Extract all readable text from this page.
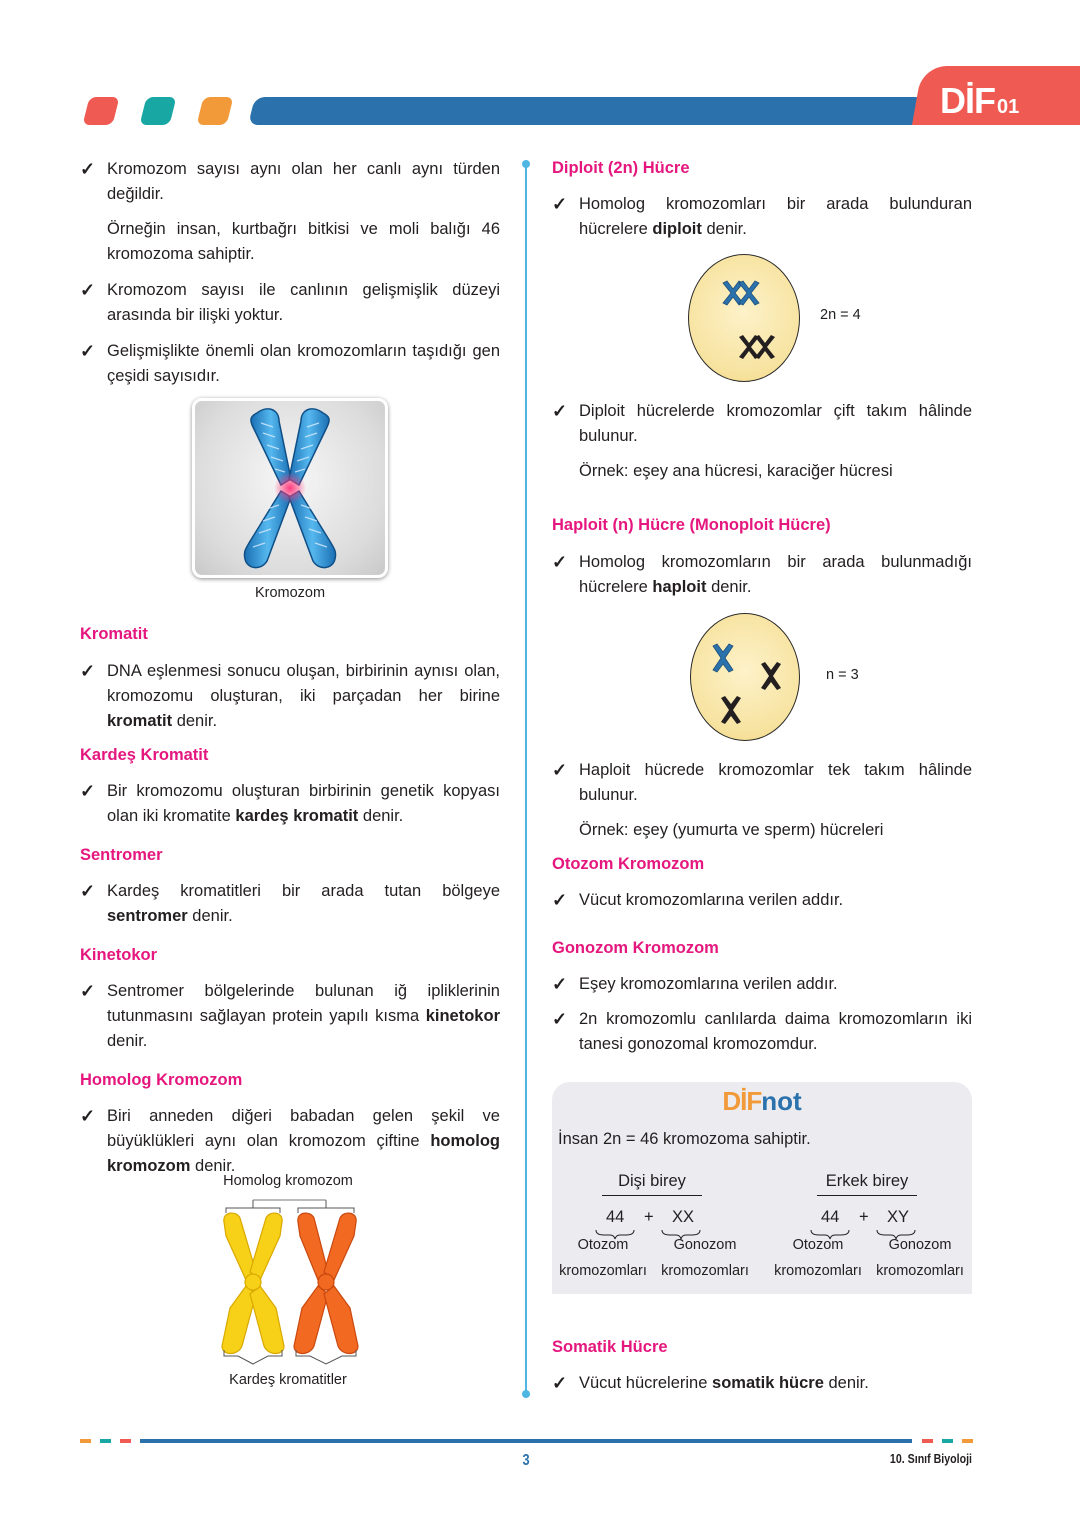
DİF 01
✓ Kromozom sayısı aynı olan her canlı aynı türden değildir.
Örneğin insan, kurtbağrı bitkisi ve moli balığı 46 kromozoma sahiptir.
✓ Kromozom sayısı ile canlının gelişmişlik düzeyi arasında bir ilişki yoktur.
✓ Gelişmişlikte önemli olan kromozomların taşıdığı gen çeşidi sayısıdır.
Kromozom
Kromatit
✓ DNA eşlenmesi sonucu oluşan, birbirinin aynısı olan, kromozomu oluşturan, iki parçadan her birine kromatit denir.
Kardeş Kromatit
✓ Bir kromozomu oluşturan birbirinin genetik kopyası olan iki kromatite kardeş kromatit denir.
Sentromer
✓ Kardeş kromatitleri bir arada tutan bölgeye sentromer denir.
Kinetokor
✓ Sentromer bölgelerinde bulunan iğ ipliklerinin tutunmasını sağlayan protein yapılı kısma kinetokor denir.
Homolog Kromozom
✓ Biri anneden diğeri babadan gelen şekil ve büyüklükleri aynı olan kromozom çiftine homolog kromozom denir.
Homolog kromozom
Kardeş kromatitler
Diploit (2n) Hücre
✓ Homolog kromozomları bir arada bulunduran hücrelere diploit denir.
2n = 4
✓ Diploit hücrelerde kromozomlar çift takım hâlinde bulunur.
Örnek: eşey ana hücresi, karaciğer hücresi
Haploit (n) Hücre (Monoploit Hücre)
✓ Homolog kromozomların bir arada bulunmadığı hücrelere haploit denir.
n = 3
✓ Haploit hücrede kromozomlar tek takım hâlinde bulunur.
Örnek: eşey (yumurta ve sperm) hücreleri
Otozom Kromozom
✓ Vücut kromozomlarına verilen addır.
Gonozom Kromozom
✓ Eşey kromozomlarına verilen addır.
✓ 2n kromozomlu canlılarda daima kromozomların iki tanesi gonozomal kromozomdur.
DİFnot
İnsan 2n = 46 kromozoma sahiptir.
Dişi birey
44 + XX
Otozom
kromozomları
Gonozom
kromozomları
Erkek birey
44 + XY
Otozom
kromozomları
Gonozom
kromozomları
Somatik Hücre
✓ Vücut hücrelerine somatik hücre denir.
3	10. Sınıf Biyoloji
